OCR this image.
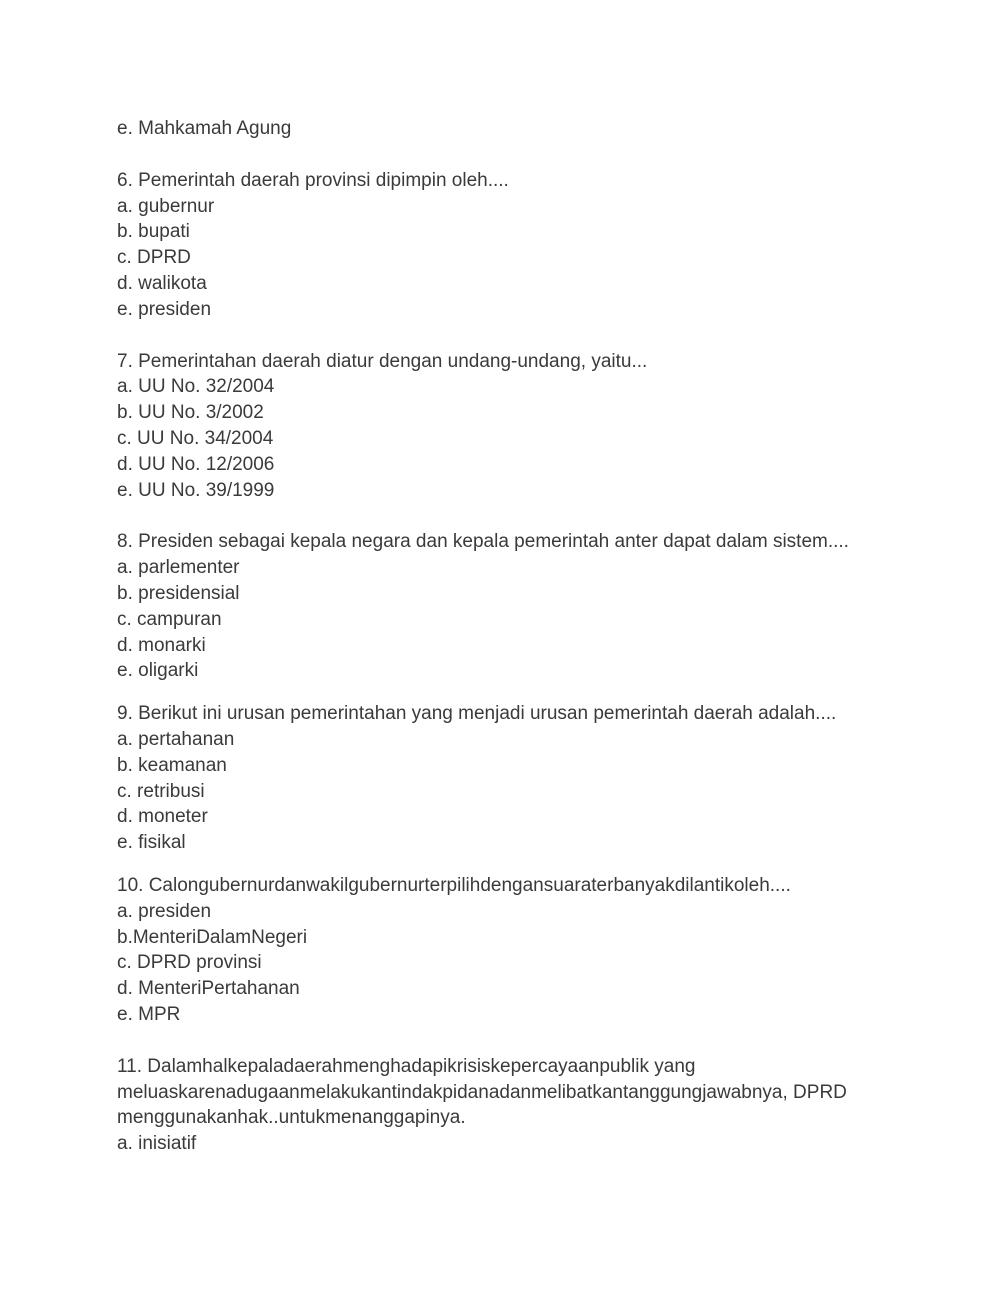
e. Mahkamah Agung
6. Pemerintah daerah provinsi dipimpin oleh....
a. gubernur
b. bupati
c. DPRD
d. walikota
e. presiden
7. Pemerintahan daerah diatur dengan undang-undang, yaitu...
a. UU No. 32/2004
b. UU No. 3/2002
c. UU No. 34/2004
d. UU No. 12/2006
e. UU No. 39/1999
8. Presiden sebagai kepala negara dan kepala pemerintah anter dapat dalam sistem....
a. parlementer
b. presidensial
c. campuran
d. monarki
e. oligarki
9. Berikut ini urusan pemerintahan yang menjadi urusan pemerintah daerah adalah....
a. pertahanan
b. keamanan
c. retribusi
d. moneter
e. fisikal
10. Calongubernurdanwakilgubernurterpilihdengansuaraterbanyakdilantikoleh....
a. presiden
b.MenteriDalamNegeri
c. DPRD provinsi
d. MenteriPertahanan
e. MPR
11. Dalamhalkepaladaerahmenghadapikrisiskepercayaanpublik yang
meluaskarenadugaanmelakukantindakpidanadanmelibatkantanggungjawabnya, DPRD
menggunakanhak..untukmenanggapinya.
a. inisiatif
